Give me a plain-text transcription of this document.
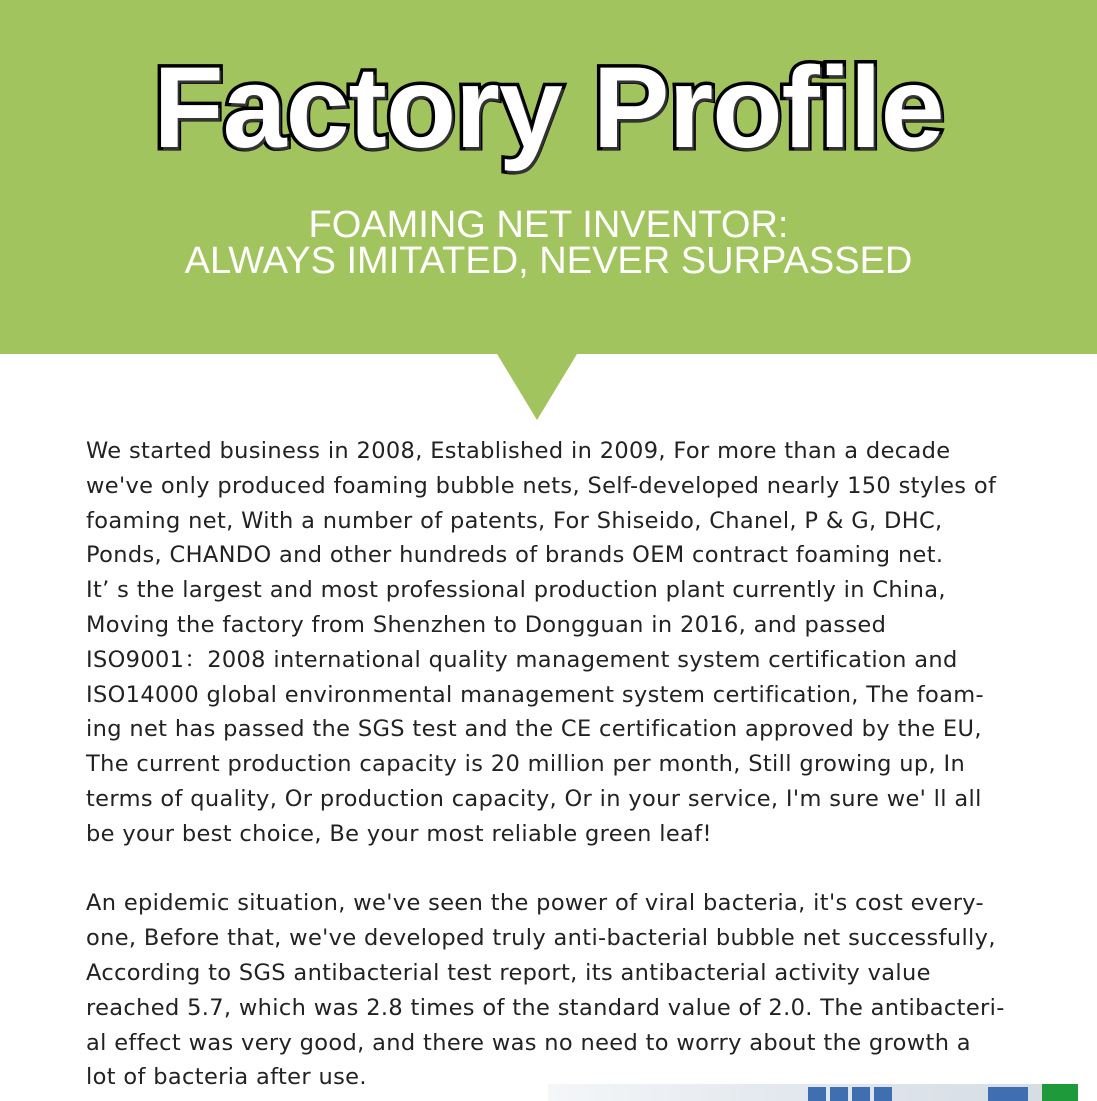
Factory Profile
FOAMING NET INVENTOR:
ALWAYS IMITATED, NEVER SURPASSED

We started business in 2008, Established in 2009, For more than a decade
we've only produced foaming bubble nets, Self-developed nearly 150 styles of
foaming net, With a number of patents, For Shiseido, Chanel, P & G, DHC,
Ponds, CHANDO and other hundreds of brands OEM contract foaming net.
It’ s the largest and most professional production plant currently in China,
Moving the factory from Shenzhen to Dongguan in 2016, and passed
ISO9001：2008 international quality management system certification and
ISO14000 global environmental management system certification, The foam-
ing net has passed the SGS test and the CE certification approved by the EU,
The current production capacity is 20 million per month, Still growing up, In
terms of quality, Or production capacity, Or in your service, I'm sure we' ll all
be your best choice, Be your most reliable green leaf!

An epidemic situation, we've seen the power of viral bacteria, it's cost every-
one, Before that, we've developed truly anti-bacterial bubble net successfully,
According to SGS antibacterial test report, its antibacterial activity value
reached 5.7, which was 2.8 times of the standard value of 2.0. The antibacteri-
al effect was very good, and there was no need to worry about the growth a
lot of bacteria after use.
